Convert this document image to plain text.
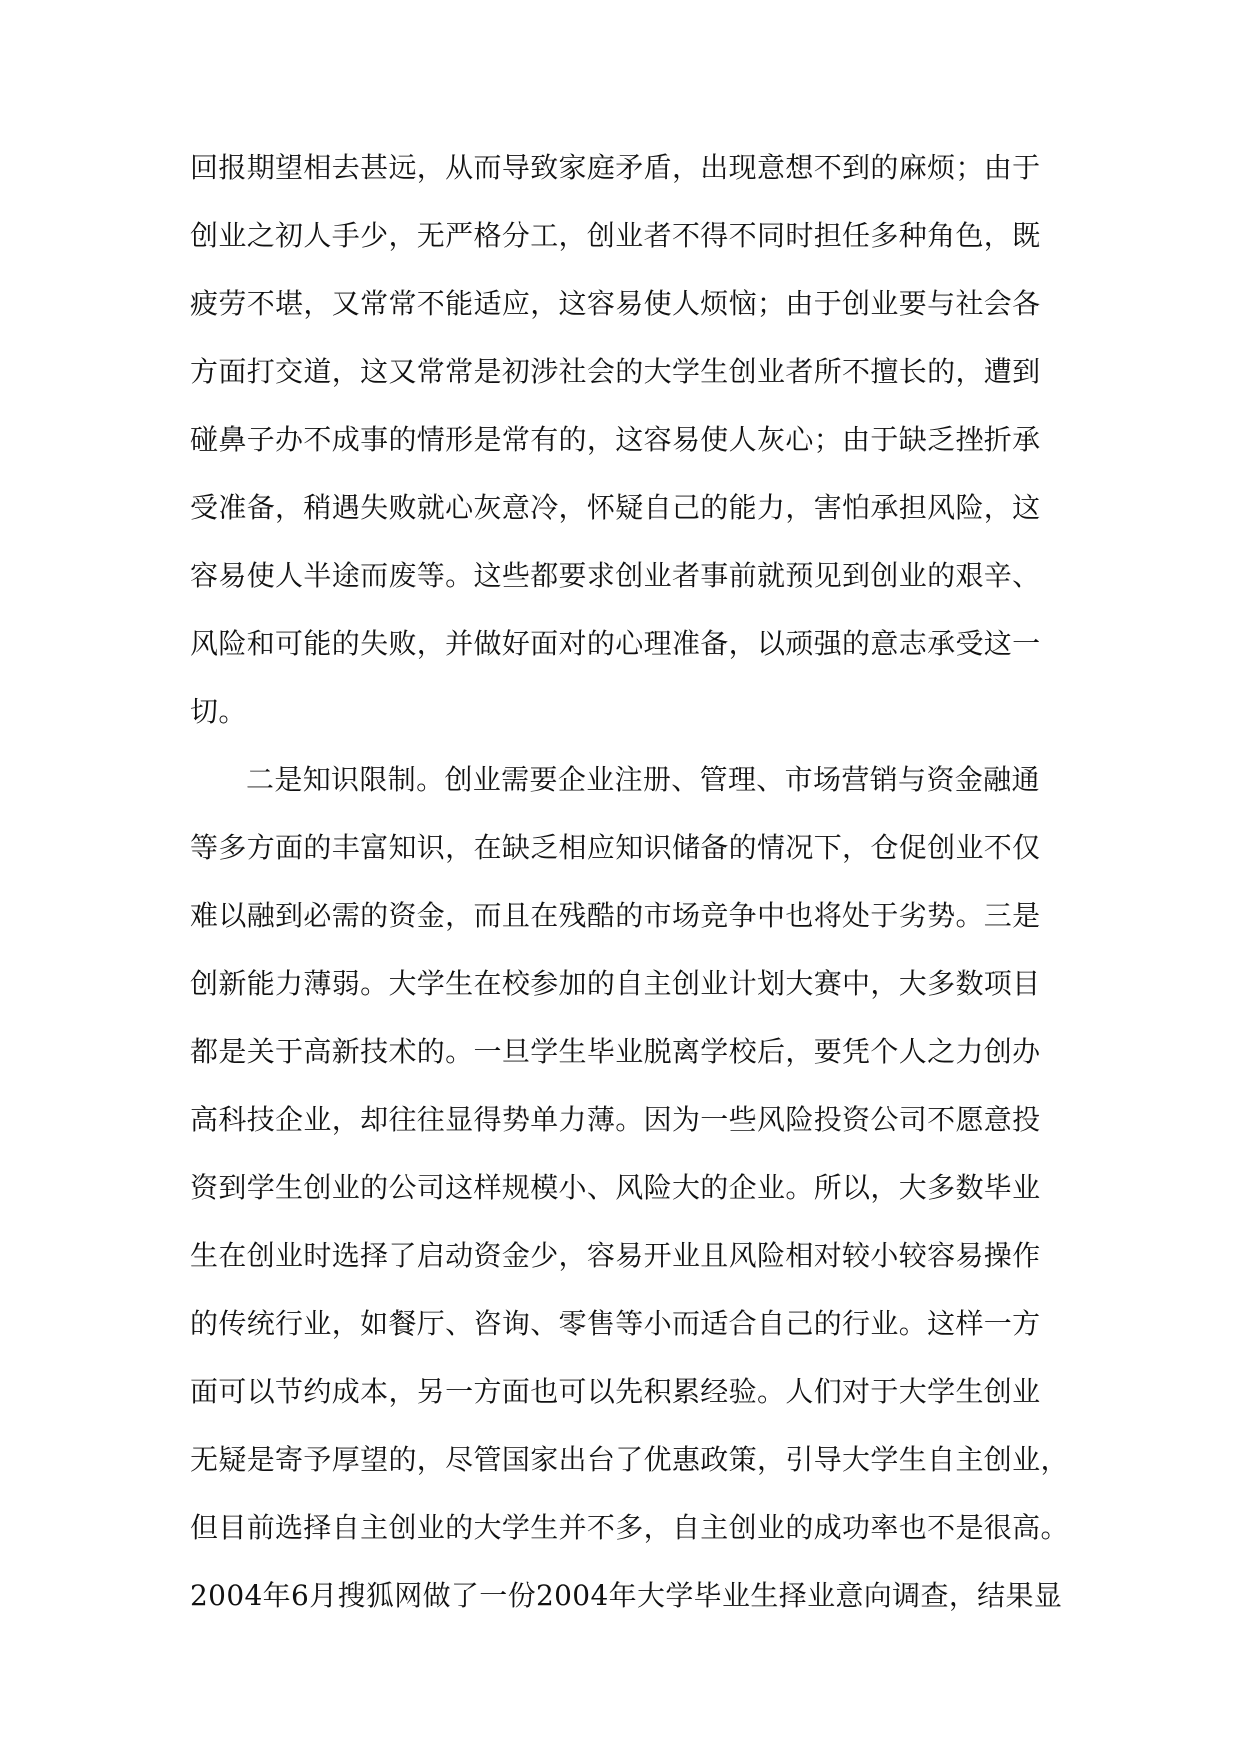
回报期望相去甚远，从而导致家庭矛盾，出现意想不到的麻烦；由于
创业之初人手少，无严格分工，创业者不得不同时担任多种角色，既
疲劳不堪，又常常不能适应，这容易使人烦恼；由于创业要与社会各
方面打交道，这又常常是初涉社会的大学生创业者所不擅长的，遭到
碰鼻子办不成事的情形是常有的，这容易使人灰心；由于缺乏挫折承
受准备，稍遇失败就心灰意冷，怀疑自己的能力，害怕承担风险，这
容易使人半途而废等。这些都要求创业者事前就预见到创业的艰辛、
风险和可能的失败，并做好面对的心理准备，以顽强的意志承受这一
切。
二是知识限制。创业需要企业注册、管理、市场营销与资金融通
等多方面的丰富知识，在缺乏相应知识储备的情况下，仓促创业不仅
难以融到必需的资金，而且在残酷的市场竞争中也将处于劣势。三是
创新能力薄弱。大学生在校参加的自主创业计划大赛中，大多数项目
都是关于高新技术的。一旦学生毕业脱离学校后，要凭个人之力创办
高科技企业，却往往显得势单力薄。因为一些风险投资公司不愿意投
资到学生创业的公司这样规模小、风险大的企业。所以，大多数毕业
生在创业时选择了启动资金少，容易开业且风险相对较小较容易操作
的传统行业，如餐厅、咨询、零售等小而适合自己的行业。这样一方
面可以节约成本，另一方面也可以先积累经验。人们对于大学生创业
无疑是寄予厚望的，尽管国家出台了优惠政策，引导大学生自主创业，
但目前选择自主创业的大学生并不多，自主创业的成功率也不是很高。
2004年6月搜狐网做了一份2004年大学毕业生择业意向调查，结果显
